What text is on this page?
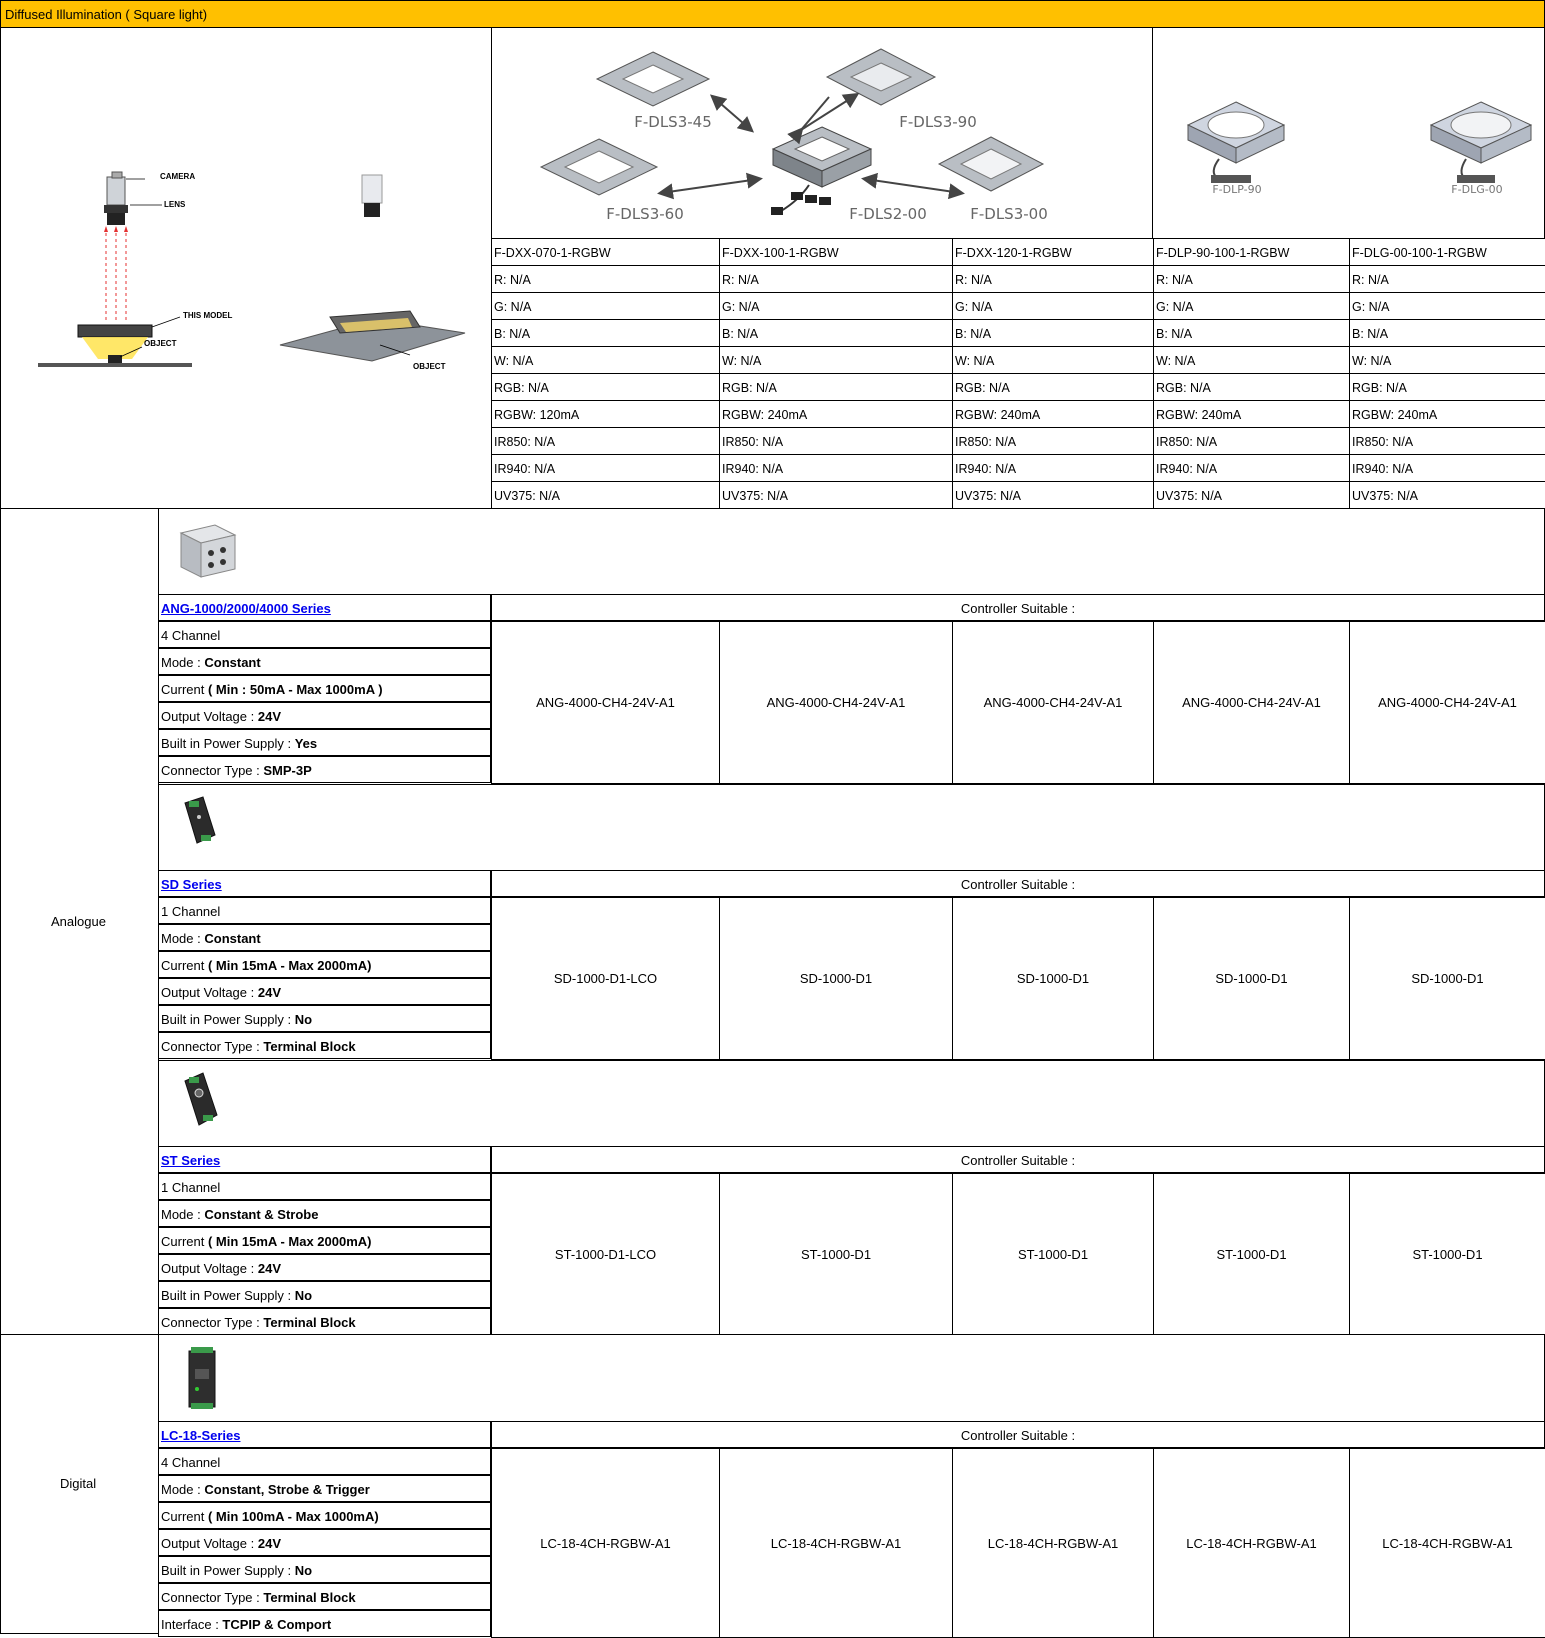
Diffused Illumination ( Square light)
CAMERA
LENS
THIS MODEL
OBJECT
OBJECT
F-DLS3-45	F-DLS3-90
F-DLS3-60	F-DLS2-00	F-DLS3-00
F-DLP-90	F-DLG-00
F-DXX-070-1-RGBW	F-DXX-100-1-RGBW	F-DXX-120-1-RGBW	F-DLP-90-100-1-RGBW	F-DLG-00-100-1-RGBW
R: N/A	R: N/A	R: N/A	R: N/A	R: N/A
G: N/A	G: N/A	G: N/A	G: N/A	G: N/A
B: N/A	B: N/A	B: N/A	B: N/A	B: N/A
W: N/A	W: N/A	W: N/A	W: N/A	W: N/A
RGB: N/A	RGB: N/A	RGB: N/A	RGB: N/A	RGB: N/A
RGBW: 120mA	RGBW: 240mA	RGBW: 240mA	RGBW: 240mA	RGBW: 240mA
IR850: N/A	IR850: N/A	IR850: N/A	IR850: N/A	IR850: N/A
IR940: N/A	IR940: N/A	IR940: N/A	IR940: N/A	IR940: N/A
UV375: N/A	UV375: N/A	UV375: N/A	UV375: N/A	UV375: N/A
Analogue
Digital
ANG-1000/2000/4000 Series	Controller Suitable :
4 Channel
Mode : Constant
Current ( Min : 50mA - Max 1000mA )
Output Voltage : 24V
Built in Power Supply : Yes
Connector Type : SMP-3P
ANG-4000-CH4-24V-A1	ANG-4000-CH4-24V-A1	ANG-4000-CH4-24V-A1	ANG-4000-CH4-24V-A1	ANG-4000-CH4-24V-A1
SD Series	Controller Suitable :
1 Channel
Mode : Constant
Current ( Min 15mA - Max 2000mA)
Output Voltage : 24V
Built in Power Supply : No
Connector Type : Terminal Block
SD-1000-D1-LCO	SD-1000-D1	SD-1000-D1	SD-1000-D1	SD-1000-D1
ST Series	Controller Suitable :
1 Channel
Mode : Constant & Strobe
Current ( Min 15mA - Max 2000mA)
Output Voltage : 24V
Built in Power Supply : No
Connector Type : Terminal Block
ST-1000-D1-LCO	ST-1000-D1	ST-1000-D1	ST-1000-D1	ST-1000-D1
LC-18-Series	Controller Suitable :
4 Channel
Mode : Constant, Strobe & Trigger
Current ( Min 100mA - Max 1000mA)
Output Voltage : 24V
Built in Power Supply : No
Connector Type : Terminal Block
Interface : TCPIP & Comport
LC-18-4CH-RGBW-A1	LC-18-4CH-RGBW-A1	LC-18-4CH-RGBW-A1	LC-18-4CH-RGBW-A1	LC-18-4CH-RGBW-A1
